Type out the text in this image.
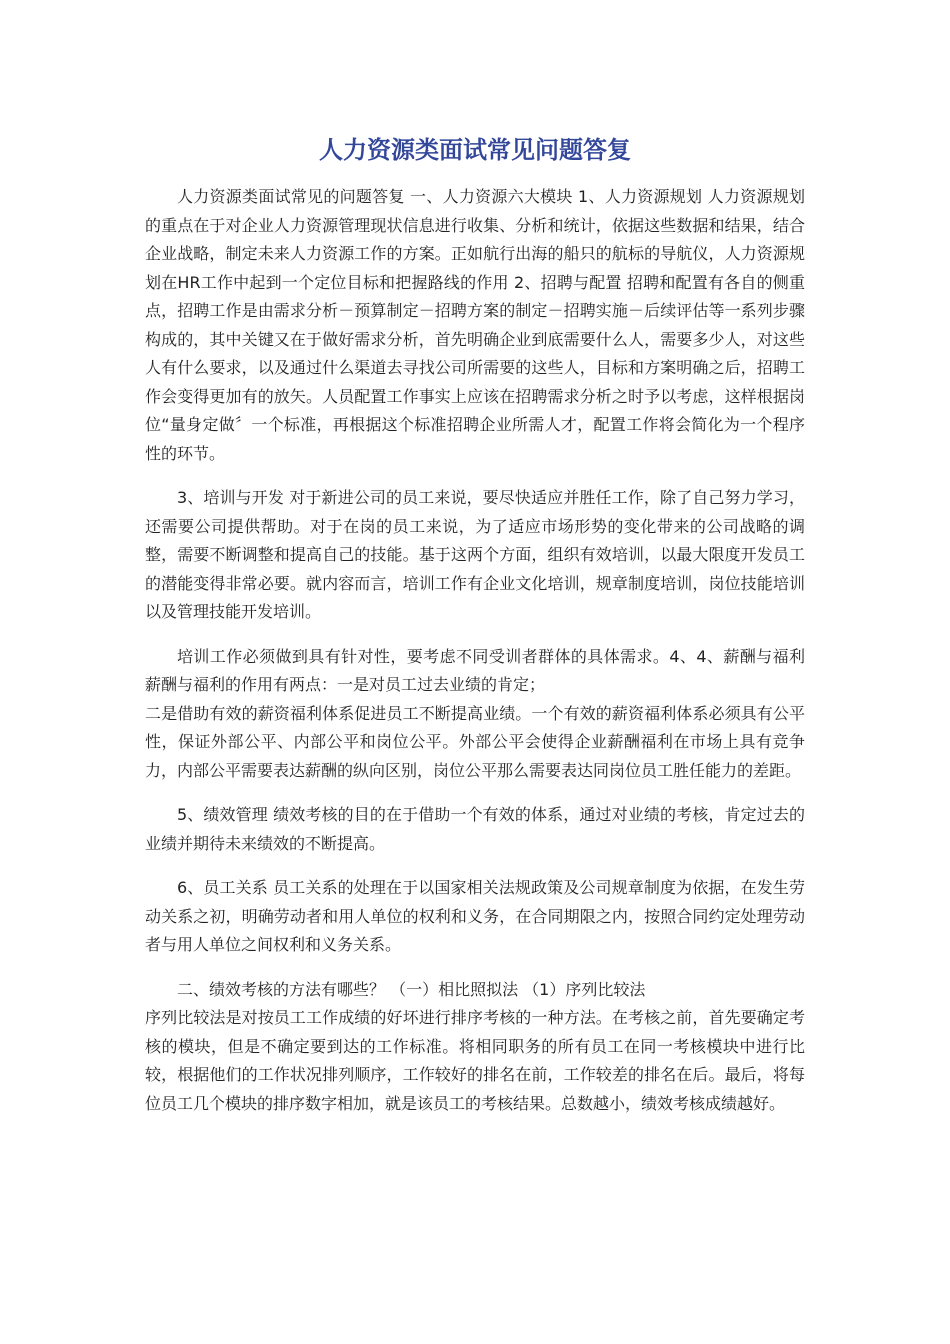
人力资源类面试常见问题答复

人力资源类面试常见的问题答复 一、人力资源六大模块 1、人力资源规划 人力资源规划的重点在于对企业人力资源管理现状信息进行收集、分析和统计，依据这些数据和结果，结合企业战略，制定未来人力资源工作的方案。正如航行出海的船只的航标的导航仪，人力资源规划在HR工作中起到一个定位目标和把握路线的作用 2、招聘与配置 招聘和配置有各自的侧重点，招聘工作是由需求分析－预算制定－招聘方案的制定－招聘实施－后续评估等一系列步骤构成的，其中关键又在于做好需求分析，首先明确企业到底需要什么人，需要多少人，对这些人有什么要求，以及通过什么渠道去寻找公司所需要的这些人，目标和方案明确之后，招聘工作会变得更加有的放矢。人员配置工作事实上应该在招聘需求分析之时予以考虑，这样根据岗位“量身定做〞一个标准，再根据这个标准招聘企业所需人才，配置工作将会简化为一个程序性的环节。

3、培训与开发 对于新进公司的员工来说，要尽快适应并胜任工作，除了自己努力学习，还需要公司提供帮助。对于在岗的员工来说，为了适应市场形势的变化带来的公司战略的调整，需要不断调整和提高自己的技能。基于这两个方面，组织有效培训，以最大限度开发员工的潜能变得非常必要。就内容而言，培训工作有企业文化培训，规章制度培训，岗位技能培训以及管理技能开发培训。

培训工作必须做到具有针对性，要考虑不同受训者群体的具体需求。4、4、薪酬与福利 薪酬与福利的作用有两点：一是对员工过去业绩的肯定；

二是借助有效的薪资福利体系促进员工不断提高业绩。一个有效的薪资福利体系必须具有公平性，保证外部公平、内部公平和岗位公平。外部公平会使得企业薪酬福利在市场上具有竞争力，内部公平需要表达薪酬的纵向区别，岗位公平那么需要表达同岗位员工胜任能力的差距。

5、绩效管理 绩效考核的目的在于借助一个有效的体系，通过对业绩的考核，肯定过去的业绩并期待未来绩效的不断提高。

6、员工关系 员工关系的处理在于以国家相关法规政策及公司规章制度为依据，在发生劳动关系之初，明确劳动者和用人单位的权利和义务，在合同期限之内，按照合同约定处理劳动者与用人单位之间权利和义务关系。

二、绩效考核的方法有哪些？ （一）相比照拟法 （1）序列比较法

序列比较法是对按员工工作成绩的好坏进行排序考核的一种方法。在考核之前，首先要确定考核的模块，但是不确定要到达的工作标准。将相同职务的所有员工在同一考核模块中进行比较，根据他们的工作状况排列顺序，工作较好的排名在前，工作较差的排名在后。最后，将每位员工几个模块的排序数字相加，就是该员工的考核结果。总数越小，绩效考核成绩越好。
